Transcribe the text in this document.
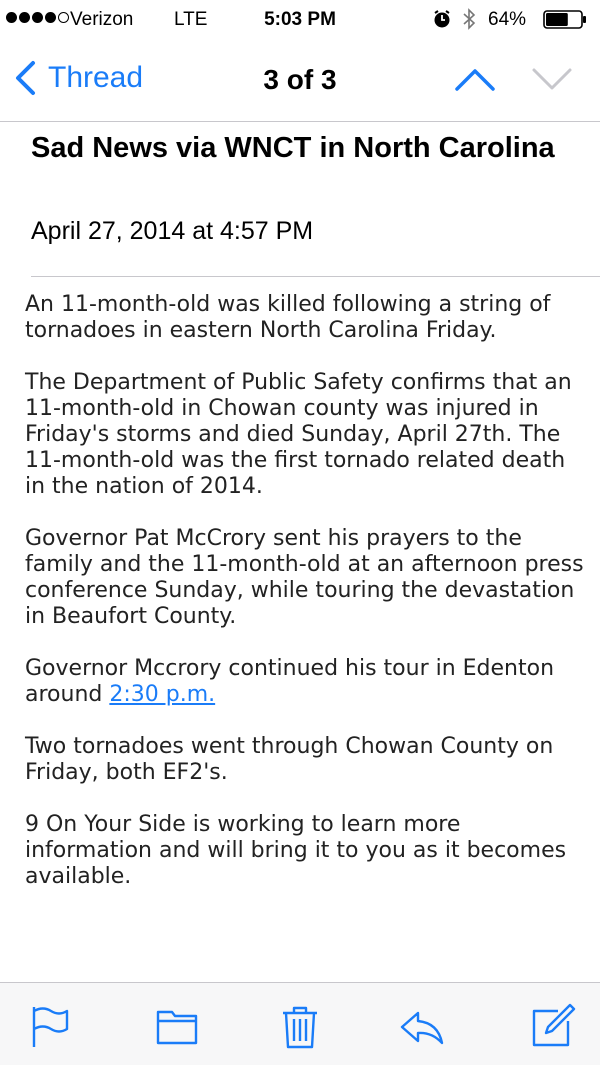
Verizon LTE	5:03 PM	64%
Thread	3 of 3
Sad News via WNCT in North Carolina
April 27, 2014 at 4:57 PM

An 11-month-old was killed following a string of tornadoes in eastern North Carolina Friday.

The Department of Public Safety confirms that an 11-month-old in Chowan county was injured in Friday's storms and died Sunday, April 27th. The 11-month-old was the first tornado related death in the nation of 2014.

Governor Pat McCrory sent his prayers to the family and the 11-month-old at an afternoon press conference Sunday, while touring the devastation in Beaufort County.

Governor Mccrory continued his tour in Edenton around 2:30 p.m.

Two tornadoes went through Chowan County on Friday, both EF2's.

9 On Your Side is working to learn more information and will bring it to you as it becomes available.
